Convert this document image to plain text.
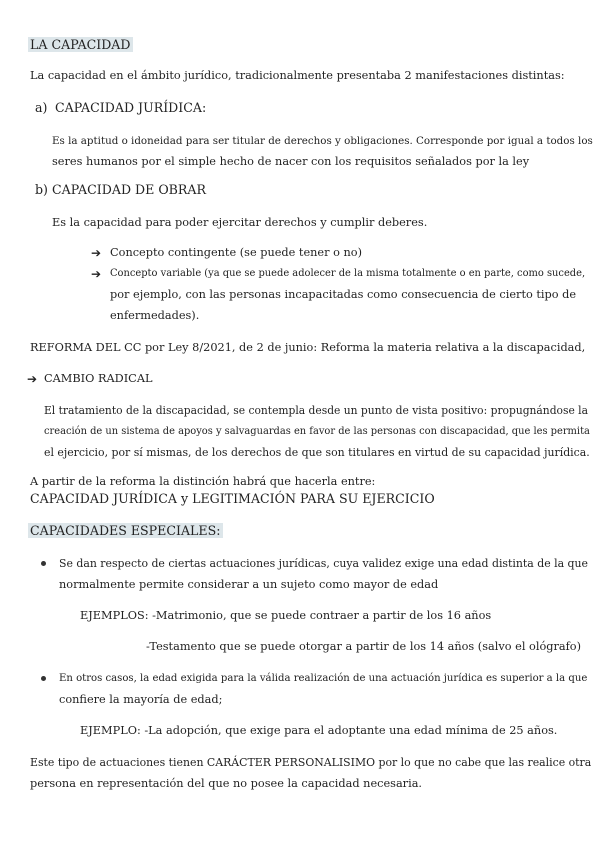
LA CAPACIDAD
La capacidad en el ámbito jurídico, tradicionalmente presentaba 2 manifestaciones distintas:
a) CAPACIDAD JURÍDICA:
Es la aptitud o idoneidad para ser titular de derechos y obligaciones. Corresponde por igual a todos los
seres humanos por el simple hecho de nacer con los requisitos señalados por la ley
b) CAPACIDAD DE OBRAR
Es la capacidad para poder ejercitar derechos y cumplir deberes.
➔ Concepto contingente (se puede tener o no)
➔ Concepto variable (ya que se puede adolecer de la misma totalmente o en parte, como sucede,
por ejemplo, con las personas incapacitadas como consecuencia de cierto tipo de
enfermedades).
REFORMA DEL CC por Ley 8/2021, de 2 de junio: Reforma la materia relativa a la discapacidad,
➔ CAMBIO RADICAL
El tratamiento de la discapacidad, se contempla desde un punto de vista positivo: propugnándose la
creación de un sistema de apoyos y salvaguardas en favor de las personas con discapacidad, que les permita
el ejercicio, por sí mismas, de los derechos de que son titulares en virtud de su capacidad jurídica.
A partir de la reforma la distinción habrá que hacerla entre:
CAPACIDAD JURÍDICA y LEGITIMACIÓN PARA SU EJERCICIO
CAPACIDADES ESPECIALES:
Se dan respecto de ciertas actuaciones jurídicas, cuya validez exige una edad distinta de la que
normalmente permite considerar a un sujeto como mayor de edad
EJEMPLOS: -Matrimonio, que se puede contraer a partir de los 16 años
-Testamento que se puede otorgar a partir de los 14 años (salvo el ológrafo)
En otros casos, la edad exigida para la válida realización de una actuación jurídica es superior a la que
confiere la mayoría de edad;
EJEMPLO: -La adopción, que exige para el adoptante una edad mínima de 25 años.
Este tipo de actuaciones tienen CARÁCTER PERSONALISIMO por lo que no cabe que las realice otra
persona en representación del que no posee la capacidad necesaria.
